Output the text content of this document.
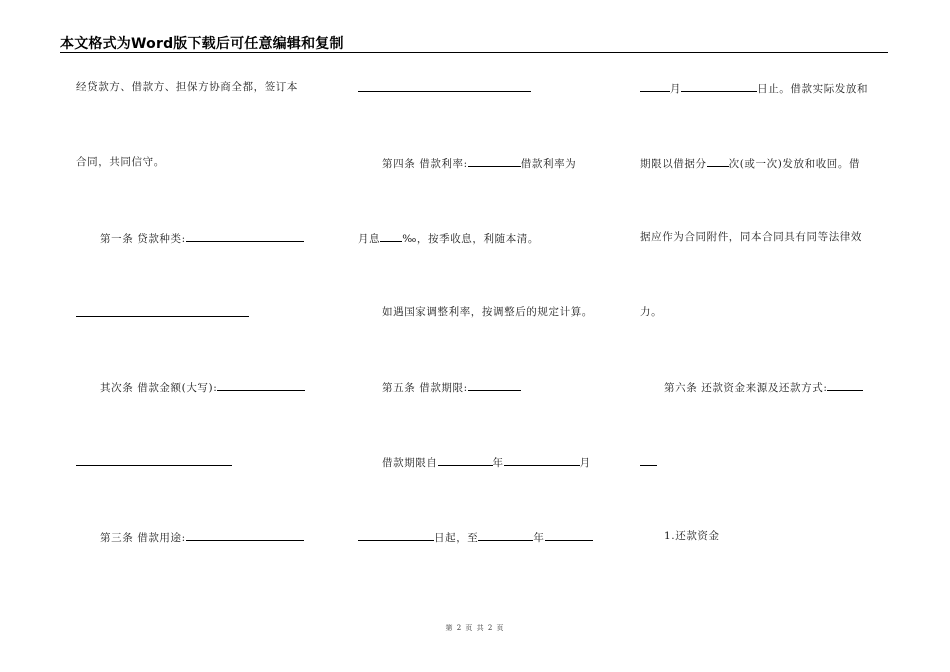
本文格式为Word版下载后可任意编辑和复制
经贷款方、借款方、担保方协商全都，签订本
合同，共同信守。
第一条 贷款种类:
其次条 借款金额(大写):
第三条 借款用途:
第四条 借款利率:	借款利率为
月息 ‰，按季收息，利随本清。
如遇国家调整利率，按调整后的规定计算。
第五条 借款期限:
借款期限自	年	月
日起，至	年
月	日止。借款实际发放和
期限以借据分 次(或一次)发放和收回。借
据应作为合同附件，同本合同具有同等法律效
力。
第六条 还款资金来源及还款方式:
1.还款资金
第 2 页 共 2 页
